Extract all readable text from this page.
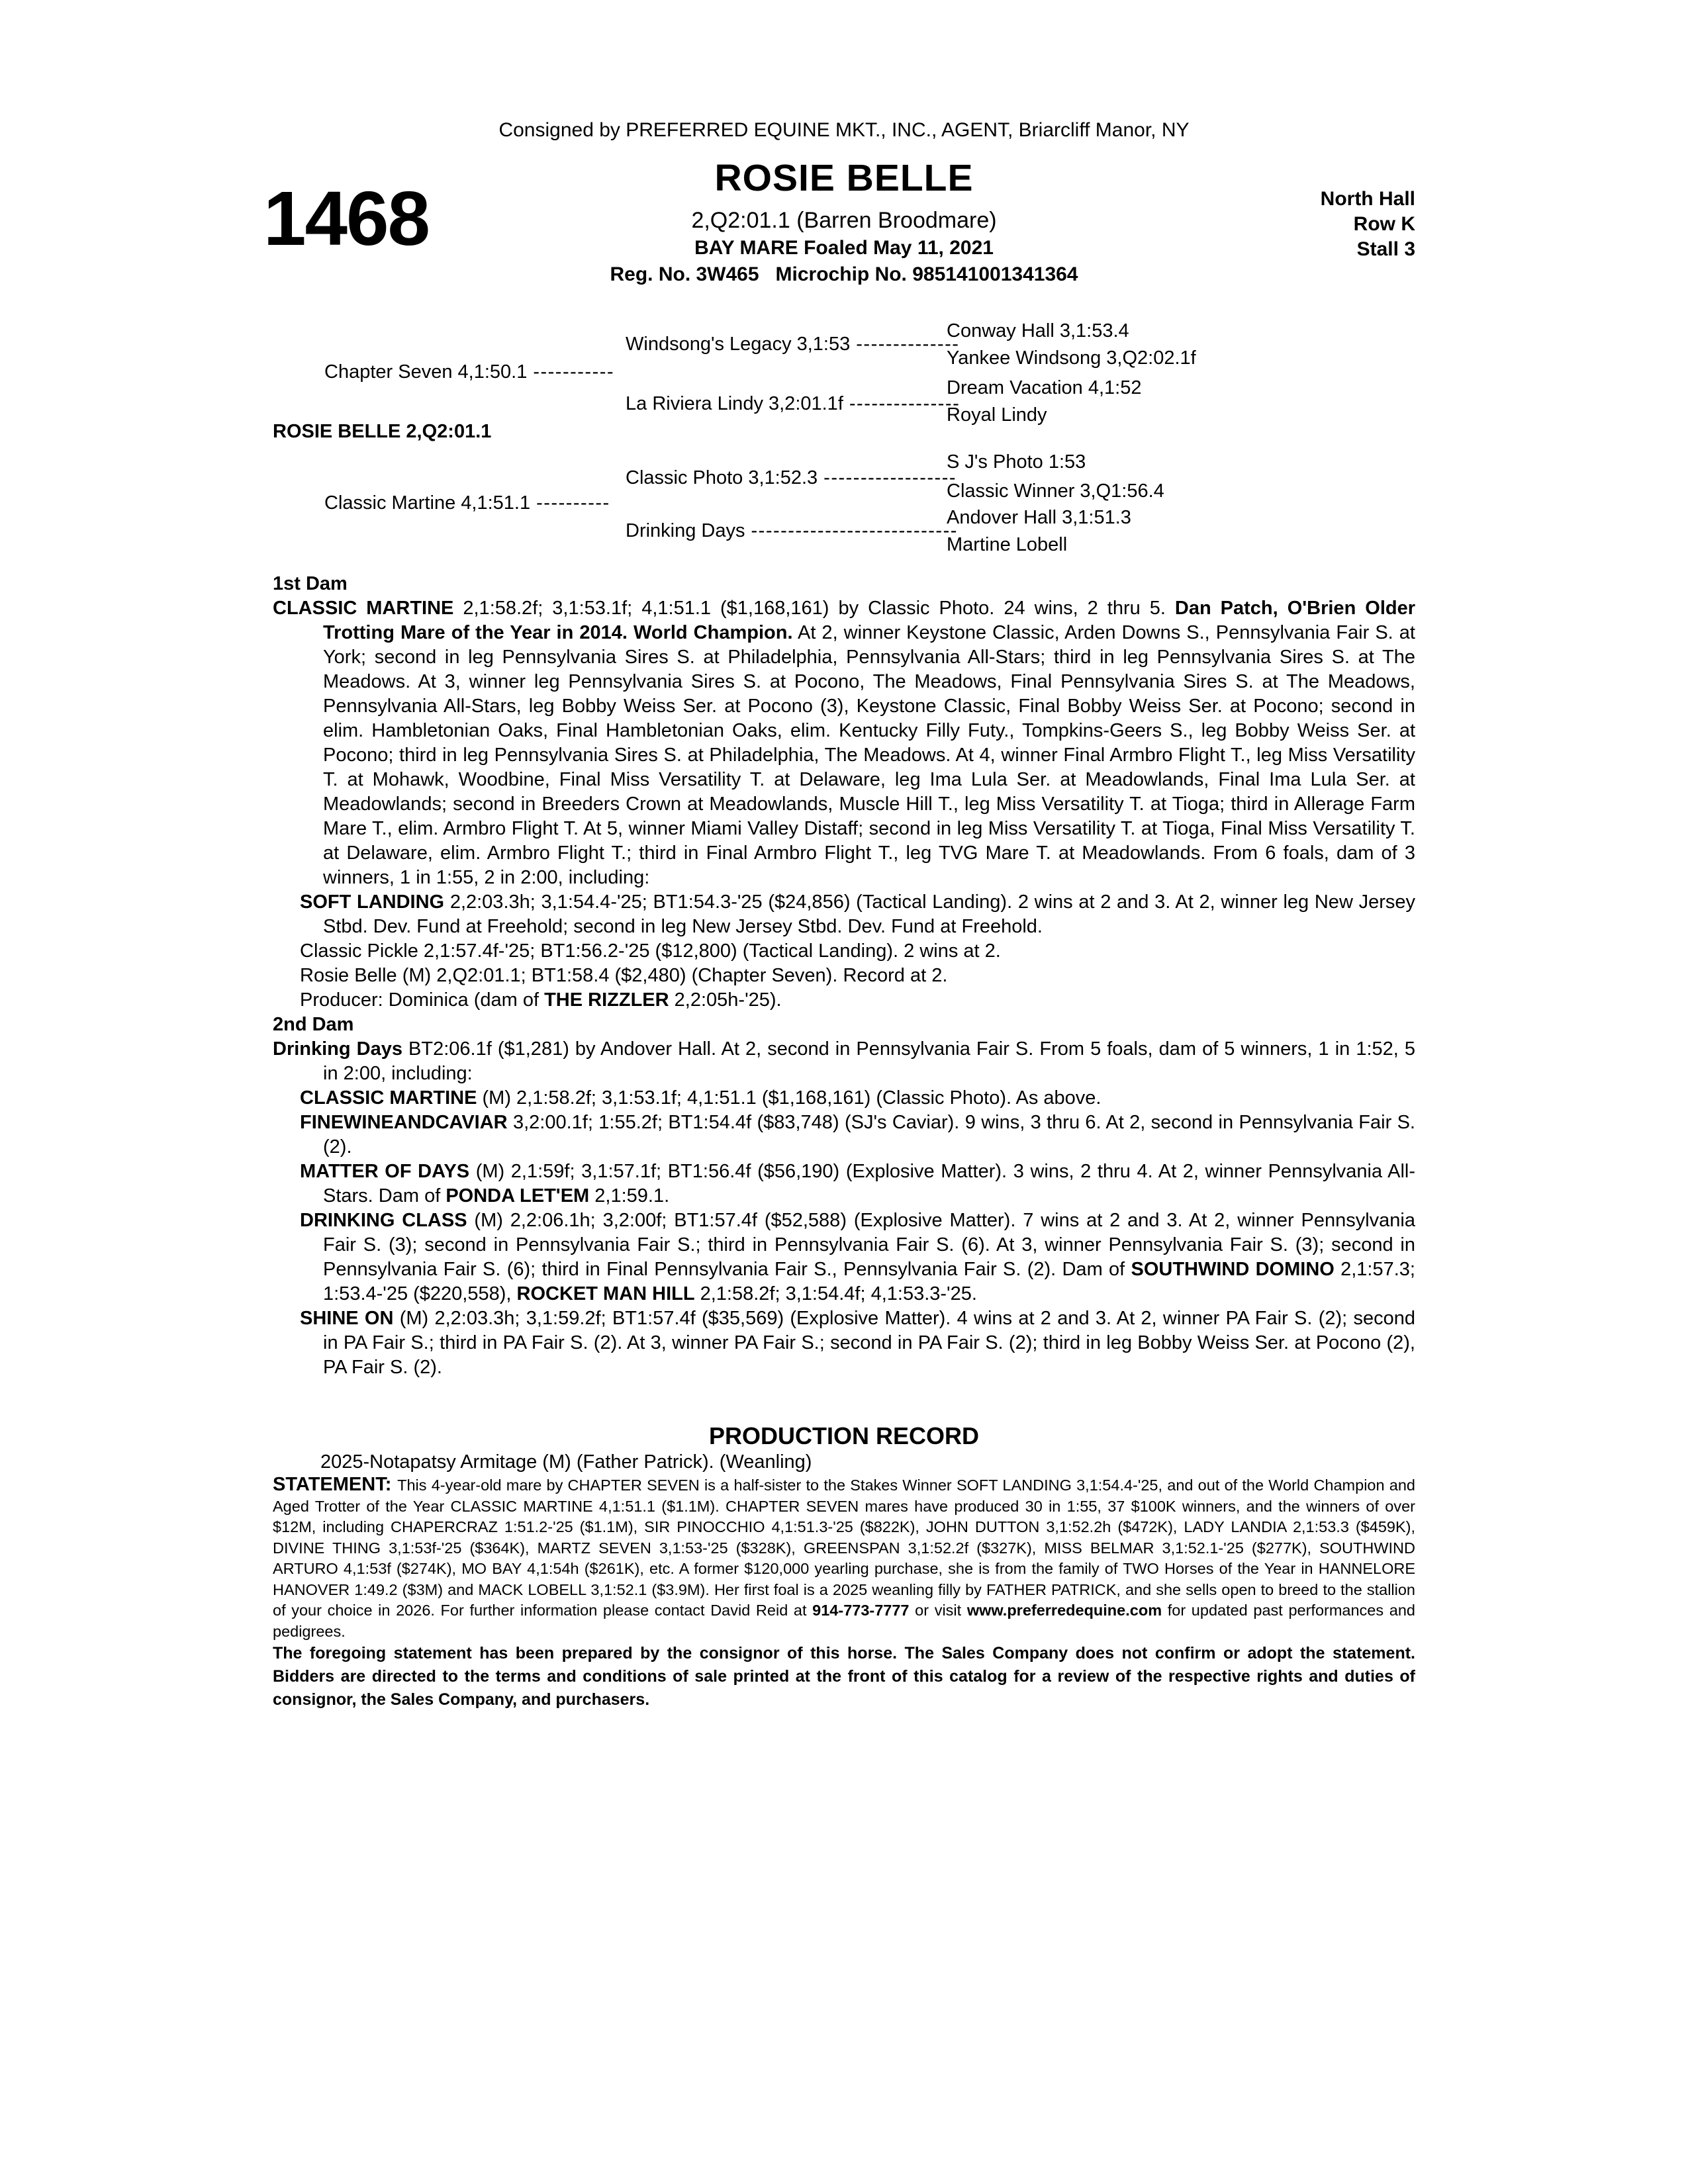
Consigned by PREFERRED EQUINE MKT., INC., AGENT, Briarcliff Manor, NY
1468	ROSIE BELLE	North Hall
Row K
Stall 3
2,Q2:01.1 (Barren Broodmare)
BAY MARE Foaled May 11, 2021
Reg. No. 3W465   Microchip No. 985141001341364
ROSIE BELLE 2,Q2:01.1
Chapter Seven 4,1:50.1 -----------
Classic Martine 4,1:51.1 ----------
Windsong's Legacy 3,1:53 --------------
La Riviera Lindy 3,2:01.1f ---------------
Classic Photo 3,1:52.3 ------------------
Drinking Days ----------------------------
Conway Hall 3,1:53.4
Yankee Windsong 3,Q2:02.1f
Dream Vacation 4,1:52
Royal Lindy
S J's Photo 1:53
Classic Winner 3,Q1:56.4
Andover Hall 3,1:51.3
Martine Lobell
1st Dam

CLASSIC MARTINE 2,1:58.2f; 3,1:53.1f; 4,1:51.1 ($1,168,161) by Classic Photo. 24 wins, 2 thru 5. Dan Patch, O'Brien Older Trotting Mare of the Year in 2014. World Champion. At 2, winner Keystone Classic, Arden Downs S., Pennsylvania Fair S. at York; second in leg Pennsylvania Sires S. at Philadelphia, Pennsylvania All-Stars; third in leg Pennsylvania Sires S. at The Meadows. At 3, winner leg Pennsylvania Sires S. at Pocono, The Meadows, Final Pennsylvania Sires S. at The Meadows, Pennsylvania All-Stars, leg Bobby Weiss Ser. at Pocono (3), Keystone Classic, Final Bobby Weiss Ser. at Pocono; second in elim. Hambletonian Oaks, Final Hambletonian Oaks, elim. Kentucky Filly Futy., Tompkins-Geers S., leg Bobby Weiss Ser. at Pocono; third in leg Pennsylvania Sires S. at Philadelphia, The Meadows. At 4, winner Final Armbro Flight T., leg Miss Versatility T. at Mohawk, Woodbine, Final Miss Versatility T. at Delaware, leg Ima Lula Ser. at Meadowlands, Final Ima Lula Ser. at Meadowlands; second in Breeders Crown at Meadowlands, Muscle Hill T., leg Miss Versatility T. at Tioga; third in Allerage Farm Mare T., elim. Armbro Flight T. At 5, winner Miami Valley Distaff; second in leg Miss Versatility T. at Tioga, Final Miss Versatility T. at Delaware, elim. Armbro Flight T.; third in Final Armbro Flight T., leg TVG Mare T. at Meadowlands. From 6 foals, dam of 3 winners, 1 in 1:55, 2 in 2:00, including:

SOFT LANDING 2,2:03.3h; 3,1:54.4-'25; BT1:54.3-'25 ($24,856) (Tactical Landing). 2 wins at 2 and 3. At 2, winner leg New Jersey Stbd. Dev. Fund at Freehold; second in leg New Jersey Stbd. Dev. Fund at Freehold.

Classic Pickle 2,1:57.4f-'25; BT1:56.2-'25 ($12,800) (Tactical Landing). 2 wins at 2.

Rosie Belle (M) 2,Q2:01.1; BT1:58.4 ($2,480) (Chapter Seven). Record at 2.

Producer: Dominica (dam of THE RIZZLER 2,2:05h-'25).

2nd Dam

Drinking Days BT2:06.1f ($1,281) by Andover Hall. At 2, second in Pennsylvania Fair S. From 5 foals, dam of 5 winners, 1 in 1:52, 5 in 2:00, including:

CLASSIC MARTINE (M) 2,1:58.2f; 3,1:53.1f; 4,1:51.1 ($1,168,161) (Classic Photo). As above.

FINEWINEANDCAVIAR 3,2:00.1f; 1:55.2f; BT1:54.4f ($83,748) (SJ's Caviar). 9 wins, 3 thru 6. At 2, second in Pennsylvania Fair S. (2).

MATTER OF DAYS (M) 2,1:59f; 3,1:57.1f; BT1:56.4f ($56,190) (Explosive Matter). 3 wins, 2 thru 4. At 2, winner Pennsylvania All-Stars. Dam of PONDA LET'EM 2,1:59.1.

DRINKING CLASS (M) 2,2:06.1h; 3,2:00f; BT1:57.4f ($52,588) (Explosive Matter). 7 wins at 2 and 3. At 2, winner Pennsylvania Fair S. (3); second in Pennsylvania Fair S.; third in Pennsylvania Fair S. (6). At 3, winner Pennsylvania Fair S. (3); second in Pennsylvania Fair S. (6); third in Final Pennsylvania Fair S., Pennsylvania Fair S. (2). Dam of SOUTHWIND DOMINO 2,1:57.3; 1:53.4-'25 ($220,558), ROCKET MAN HILL 2,1:58.2f; 3,1:54.4f; 4,1:53.3-'25.

SHINE ON (M) 2,2:03.3h; 3,1:59.2f; BT1:57.4f ($35,569) (Explosive Matter). 4 wins at 2 and 3. At 2, winner PA Fair S. (2); second in PA Fair S.; third in PA Fair S. (2). At 3, winner PA Fair S.; second in PA Fair S. (2); third in leg Bobby Weiss Ser. at Pocono (2), PA Fair S. (2).

PRODUCTION RECORD

2025-Notapatsy Armitage (M) (Father Patrick). (Weanling)

STATEMENT: This 4-year-old mare by CHAPTER SEVEN is a half-sister to the Stakes Winner SOFT LANDING 3,1:54.4-'25, and out of the World Champion and Aged Trotter of the Year CLASSIC MARTINE 4,1:51.1 ($1.1M). CHAPTER SEVEN mares have produced 30 in 1:55, 37 $100K winners, and the winners of over $12M, including CHAPERCRAZ 1:51.2-'25 ($1.1M), SIR PINOCCHIO 4,1:51.3-'25 ($822K), JOHN DUTTON 3,1:52.2h ($472K), LADY LANDIA 2,1:53.3 ($459K), DIVINE THING 3,1:53f-'25 ($364K), MARTZ SEVEN 3,1:53-'25 ($328K), GREENSPAN 3,1:52.2f ($327K), MISS BELMAR 3,1:52.1-'25 ($277K), SOUTHWIND ARTURO 4,1:53f ($274K), MO BAY 4,1:54h ($261K), etc. A former $120,000 yearling purchase, she is from the family of TWO Horses of the Year in HANNELORE HANOVER 1:49.2 ($3M) and MACK LOBELL 3,1:52.1 ($3.9M). Her first foal is a 2025 weanling filly by FATHER PATRICK, and she sells open to breed to the stallion of your choice in 2026. For further information please contact David Reid at 914-773-7777 or visit www.preferredequine.com for updated past performances and pedigrees.

The foregoing statement has been prepared by the consignor of this horse. The Sales Company does not confirm or adopt the statement. Bidders are directed to the terms and conditions of sale printed at the front of this catalog for a review of the respective rights and duties of consignor, the Sales Company, and purchasers.
